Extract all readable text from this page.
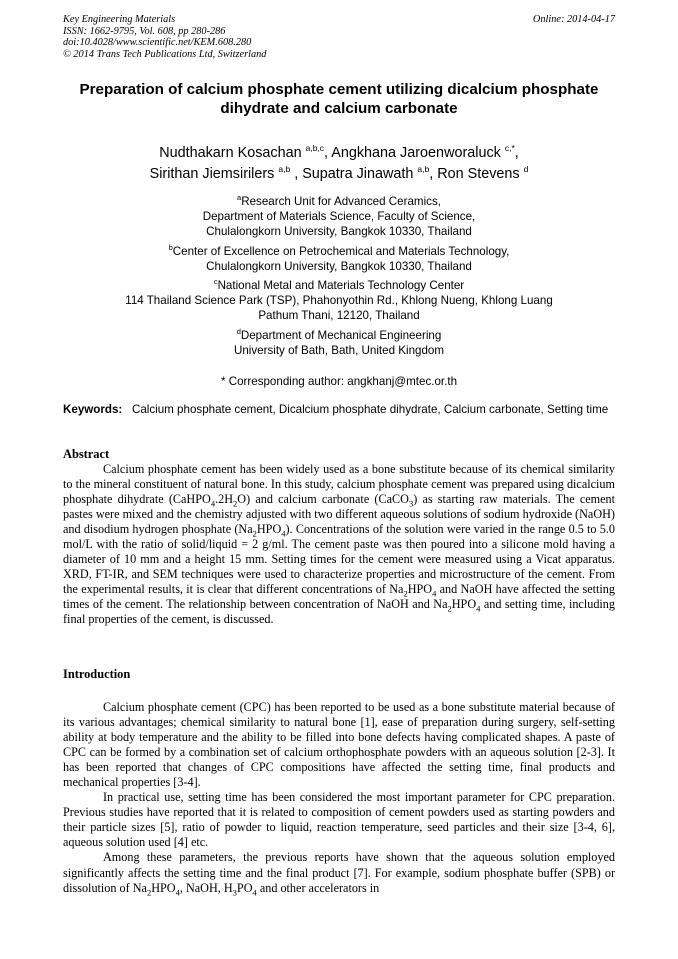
Key Engineering Materials
ISSN: 1662-9795, Vol. 608, pp 280-286
doi:10.4028/www.scientific.net/KEM.608.280
© 2014 Trans Tech Publications Ltd, Switzerland
Online: 2014-04-17
Preparation of calcium phosphate cement utilizing dicalcium phosphate dihydrate and calcium carbonate
Nudthakarn Kosachan $^{a,b,c}$, Angkhana Jaroenworaluck $^{c,*}$,
Sirithan Jiemsirilers $^{a,b}$ , Supatra Jinawath $^{a,b}$, Ron Stevens $^d$
$^a$Research Unit for Advanced Ceramics,
Department of Materials Science, Faculty of Science,
Chulalongkorn University, Bangkok 10330, Thailand
$^b$Center of Excellence on Petrochemical and Materials Technology,
Chulalongkorn University, Bangkok 10330, Thailand
$^c$National Metal and Materials Technology Center
114 Thailand Science Park (TSP), Phahonyothin Rd., Khlong Nueng, Khlong Luang
Pathum Thani, 12120, Thailand
$^d$Department of Mechanical Engineering
University of Bath, Bath, United Kingdom
* Corresponding author: angkhanj@mtec.or.th
Keywords: Calcium phosphate cement, Dicalcium phosphate dihydrate, Calcium carbonate, Setting time
Abstract

Calcium phosphate cement has been widely used as a bone substitute because of its chemical similarity to the mineral constituent of natural bone. In this study, calcium phosphate cement was prepared using dicalcium phosphate dihydrate $(CaHPO_4.2H_2O)$ and calcium carbonate (CaCO$_3$) as starting raw materials. The cement pastes were mixed and the chemistry adjusted with two different aqueous solutions of sodium hydroxide (NaOH) and disodium hydrogen phosphate $(Na_2HPO_4)$. Concentrations of the solution were varied in the range 0.5 to 5.0 mol/L with the ratio of solid/liquid = 2 g/ml. The cement paste was then poured into a silicone mold having a diameter of 10 mm and a height 15 mm. Setting times for the cement were measured using a Vicat apparatus. XRD, FT-IR, and SEM techniques were used to characterize properties and microstructure of the cement. From the experimental results, it is clear that different concentrations of $Na_2HPO_4$ and NaOH have affected the setting times of the cement. The relationship between concentration of NaOH and $Na_2HPO_4$ and setting time, including final properties of the cement, is discussed.

Introduction

Calcium phosphate cement (CPC) has been reported to be used as a bone substitute material because of its various advantages; chemical similarity to natural bone [1], ease of preparation during surgery, self-setting ability at body temperature and the ability to be filled into bone defects having complicated shapes. A paste of CPC can be formed by a combination set of calcium orthophosphate powders with an aqueous solution [2-3]. It has been reported that changes of CPC compositions have affected the setting time, final products and mechanical properties [3-4].

In practical use, setting time has been considered the most important parameter for CPC preparation. Previous studies have reported that it is related to composition of cement powders used as starting powders and their particle sizes [5], ratio of powder to liquid, reaction temperature, seed particles and their size [3-4, 6], aqueous solution used [4] etc.

Among these parameters, the previous reports have shown that the aqueous solution employed significantly affects the setting time and the final product [7]. For example, sodium phosphate buffer (SPB) or dissolution of $Na_2HPO_4$, NaOH, $H_3PO_4$ and other accelerators in
